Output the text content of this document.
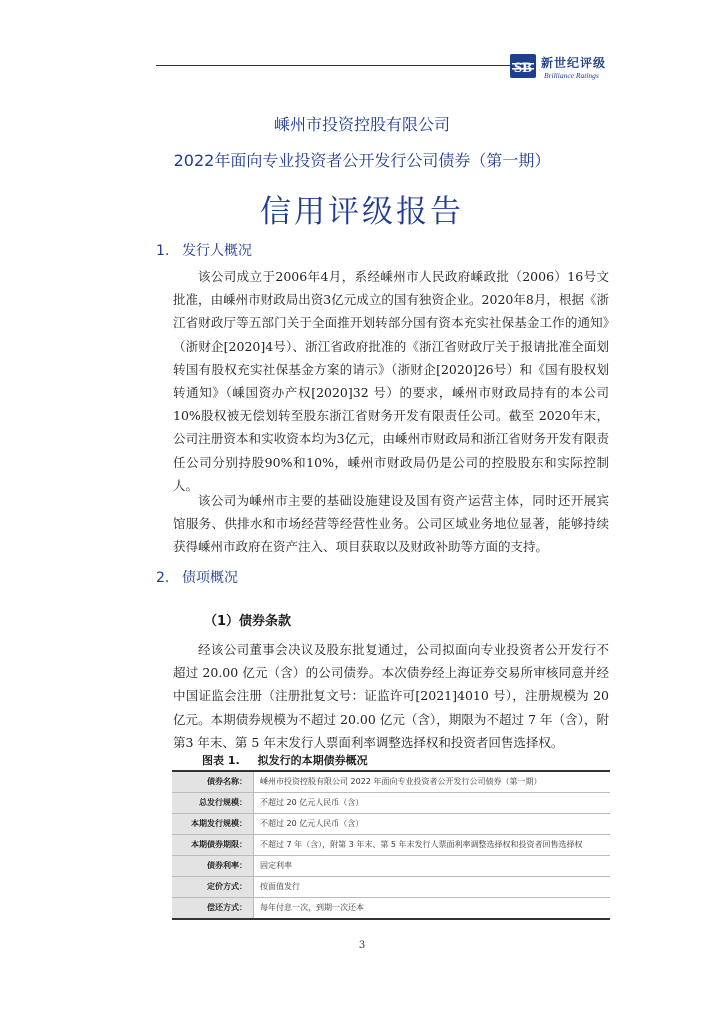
SB 新世纪评级
Brilliance Ratings
嵊州市投资控股有限公司
2022年面向专业投资者公开发行公司债券（第一期）
信用评级报告
1. 发行人概况

该公司成立于2006年4月，系经嵊州市人民政府嵊政批（2006）16号文批准，由嵊州市财政局出资3亿元成立的国有独资企业。2020年8月，根据《浙江省财政厅等五部门关于全面推开划转部分国有资本充实社保基金工作的通知》（浙财企[2020]4号）、浙江省政府批准的《浙江省财政厅关于报请批准全面划转国有股权充实社保基金方案的请示》（浙财企[2020]26号）和《国有股权划转通知》（嵊国资办产权[2020]32 号）的要求，嵊州市财政局持有的本公司 10%股权被无偿划转至股东浙江省财务开发有限责任公司。截至 2020年末，公司注册资本和实收资本均为3亿元，由嵊州市财政局和浙江省财务开发有限责任公司分别持股90%和10%，嵊州市财政局仍是公司的控股股东和实际控制人。

该公司为嵊州市主要的基础设施建设及国有资产运营主体，同时还开展宾馆服务、供排水和市场经营等经营性业务。公司区域业务地位显著，能够持续获得嵊州市政府在资产注入、项目获取以及财政补助等方面的支持。

2. 债项概况
（1）债券条款

经该公司董事会决议及股东批复通过，公司拟面向专业投资者公开发行不超过 20.00 亿元（含）的公司债券。本次债券经上海证券交易所审核同意并经中国证监会注册（注册批复文号：证监许可[2021]4010 号），注册规模为 20 亿元。本期债券规模为不超过 20.00 亿元（含），期限为不超过 7 年（含），附第3 年末、第 5 年末发行人票面利率调整选择权和投资者回售选择权。

图表 1. 拟发行的本期债券概况
债券名称：	嵊州市投资控股有限公司 2022 年面向专业投资者公开发行公司债券（第一期）
总发行规模：	不超过 20 亿元人民币（含）
本期发行规模：	不超过 20 亿元人民币（含）
本期债券期限：	不超过 7 年（含），附第 3 年末、第 5 年末发行人票面利率调整选择权和投资者回售选择权
债券利率：	固定利率
定价方式：	按面值发行
偿还方式：	每年付息一次，到期一次还本
3
